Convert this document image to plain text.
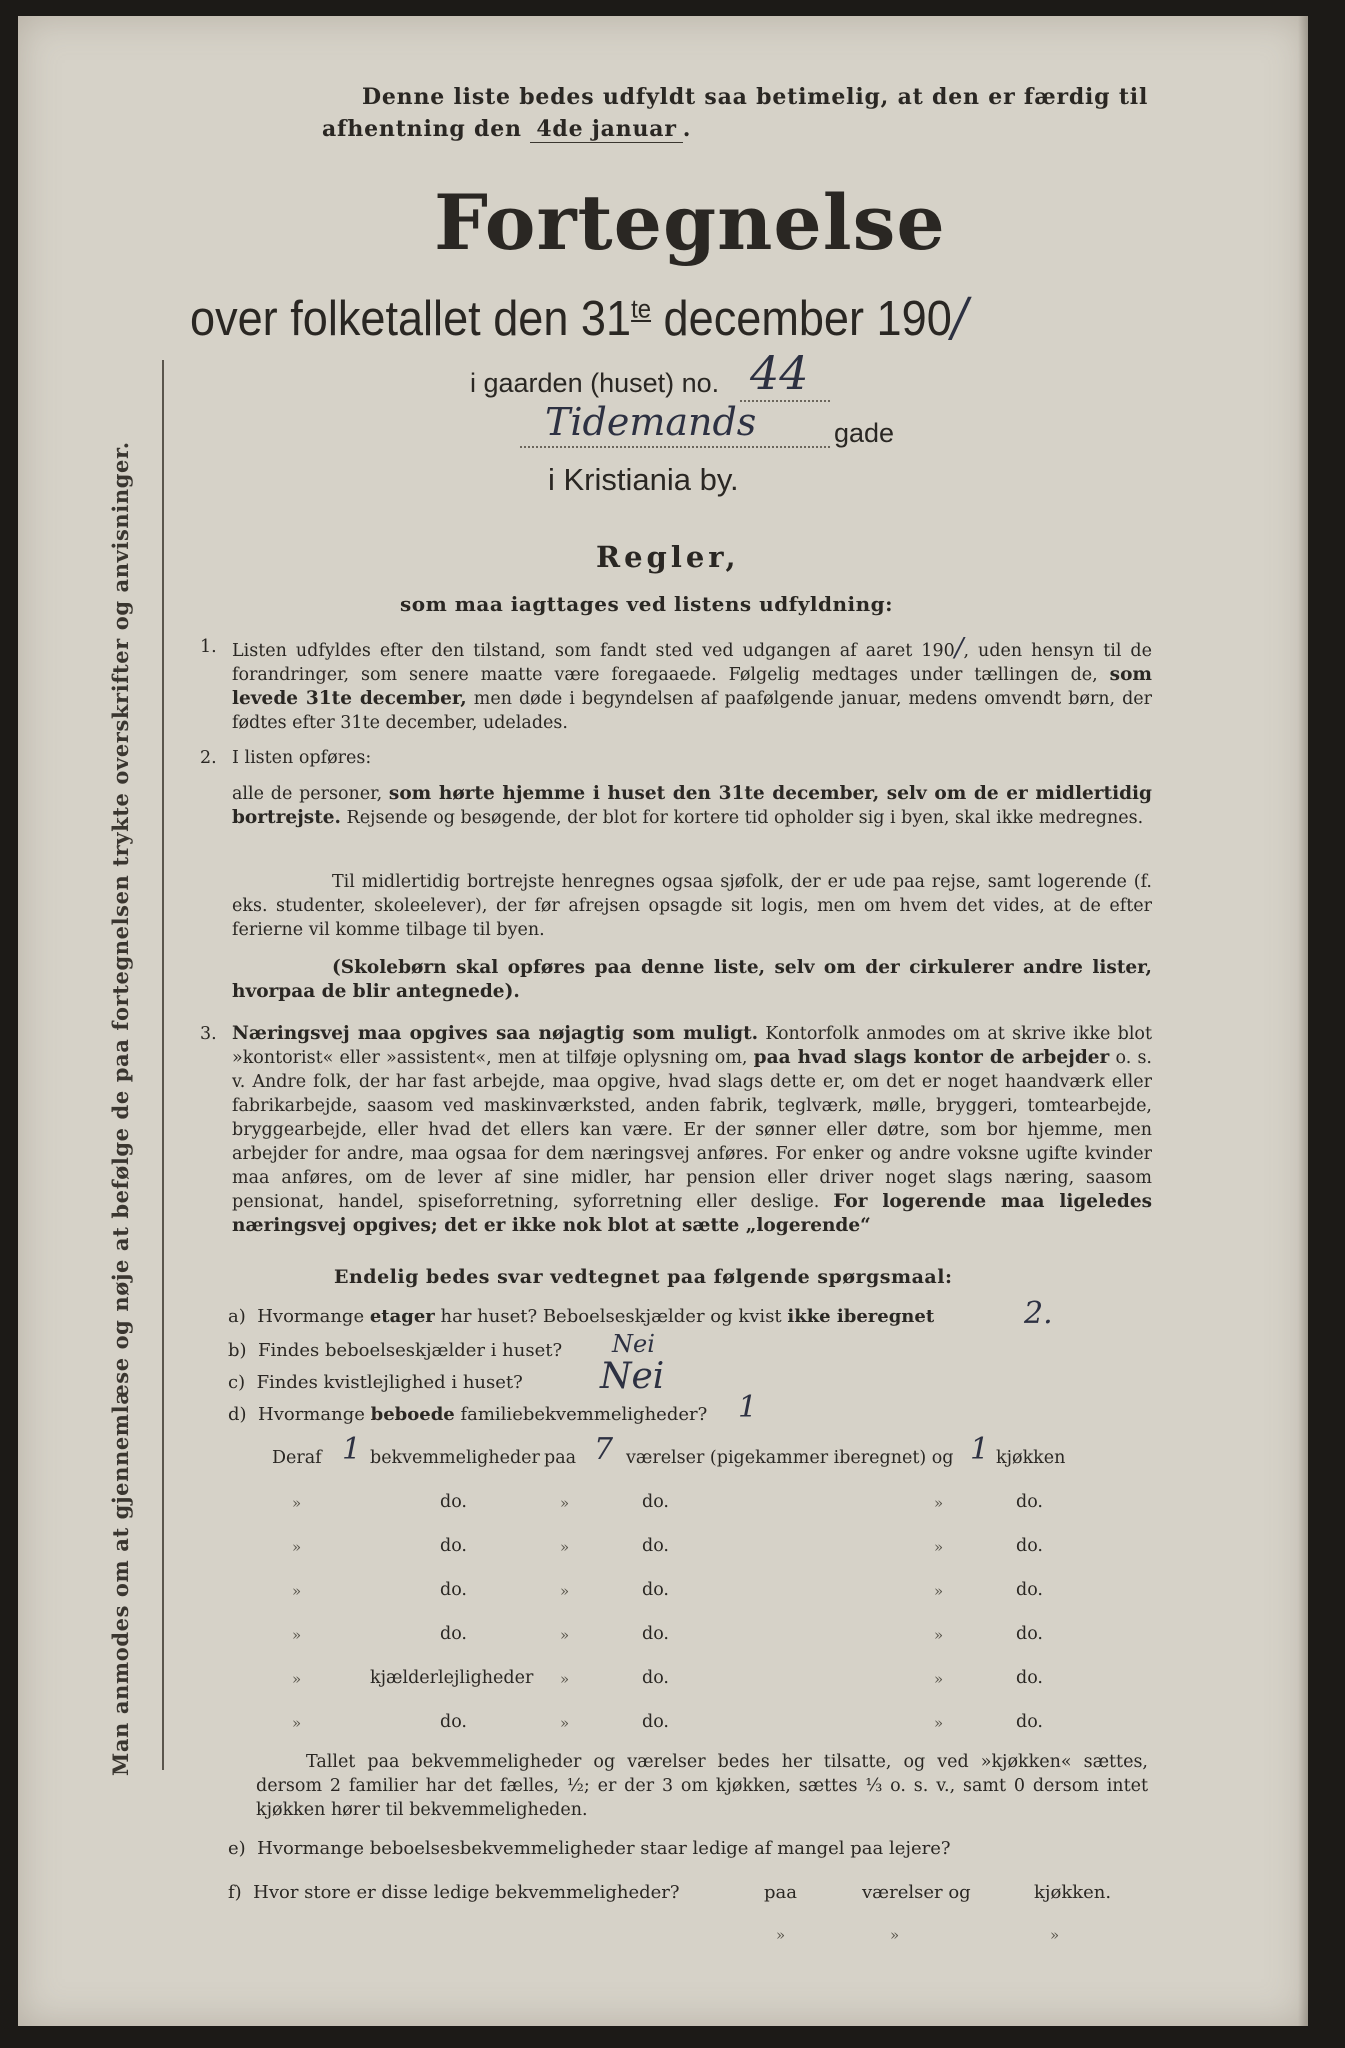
Man anmodes om at gjennemlæse og nøje at befølge de paa fortegnelsen trykte overskrifter og anvisninger.
Denne liste bedes udfyldt saa betimelig, at den er færdig til
afhentning den 4de januar .
Fortegnelse
over folketallet den $31^{te}$ december 190/
i gaarden (huset) no. 44
Tidemands	gade
i Kristiania by.
Regler,
som maa iagttages ved listens udfyldning:
1. Listen udfyldes efter den tilstand, som fandt sted ved udgangen af aaret 190/, uden hensyn til de forandringer, som senere maatte være foregaaede. Følgelig medtages under tællingen de, som levede 31te december, men døde i begyndelsen af paafølgende januar, medens omvendt børn, der fødtes efter 31te december, udelades.
2. I listen opføres:
alle de personer, som hørte hjemme i huset den 31te december, selv om de er midlertidig bortrejste. Rejsende og besøgende, der blot for kortere tid opholder sig i byen, skal ikke medregnes.
Til midlertidig bortrejste henregnes ogsaa sjøfolk, der er ude paa rejse, samt logerende (f. eks. studenter, skoleelever), der før afrejsen opsagde sit logis, men om hvem det vides, at de efter ferierne vil komme tilbage til byen.
(Skolebørn skal opføres paa denne liste, selv om der cirkulerer andre lister, hvorpaa de blir antegnede).
3. Næringsvej maa opgives saa nøjagtig som muligt. Kontorfolk anmodes om at skrive ikke blot »kontorist« eller »assistent«, men at tilføje oplysning om, paa hvad slags kontor de arbejder o. s. v. Andre folk, der har fast arbejde, maa opgive, hvad slags dette er, om det er noget haandværk eller fabrikarbejde, saasom ved maskinværksted, anden fabrik, teglværk, mølle, bryggeri, tomtearbejde, bryggearbejde, eller hvad det ellers kan være. Er der sønner eller døtre, som bor hjemme, men arbejder for andre, maa ogsaa for dem næringsvej anføres. For enker og andre voksne ugifte kvinder maa anføres, om de lever af sine midler, har pension eller driver noget slags næring, saasom pensionat, handel, spiseforretning, syforretning eller deslige. For logerende maa ligeledes næringsvej opgives; det er ikke nok blot at sætte „logerende“
Endelig bedes svar vedtegnet paa følgende spørgsmaal:
a) Hvormange etager har huset? Beboelseskjælder og kvist ikke iberegnet	2.
b) Findes beboelseskjælder i huset? Nei
c) Findes kvistlejlighed i huset? Nei
d) Hvormange beboede familiebekvemmeligheder? 1
Deraf 1 bekvemmeligheder paa 7 værelser (pigekammer iberegnet) og 1 kjøkken
»	do.	»	do.	»	do.
»	do.	»	do.	»	do.
»	do.	»	do.	»	do.
»	do.	»	do.	»	do.
»	kjælderlejligheder »	do.	»	do.
»	do.	»	do.	»	do.
Tallet paa bekvemmeligheder og værelser bedes her tilsatte, og ved »kjøkken« sættes, dersom 2 familier har det fælles, ½; er der 3 om kjøkken, sættes ⅓ o. s. v., samt 0 dersom intet kjøkken hører til bekvemmeligheden.
e) Hvormange beboelsesbekvemmeligheder staar ledige af mangel paa lejere?
f) Hvor store er disse ledige bekvemmeligheder?	paa	værelser og	kjøkken.
»	»	»
